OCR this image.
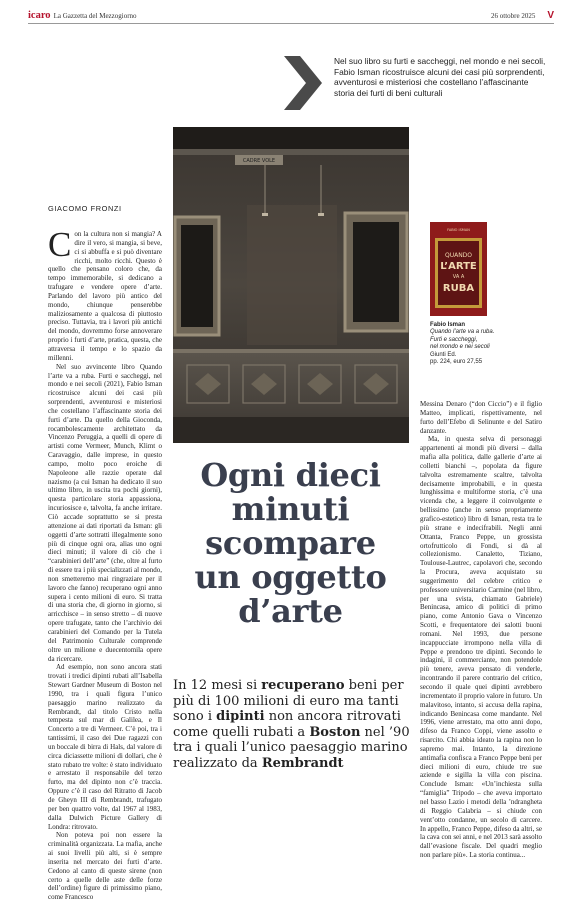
icaro La Gazzetta del Mezzogiorno	26 ottobre 2025 V
Nel suo libro su furti e saccheggi, nel mondo e nei secoli, Fabio Isman ricostruisce alcuni dei casi più sorprendenti, avventurosi e misteriosi che costellano l’affascinante storia dei furti di beni culturali
CADRE VOLE
GIACOMO FRONZI

Con la cultura non si mangia? A dire il vero, si mangia, si beve, ci si abbuffa e si può diventare ricchi, molto ricchi. Questo è quello che pensano coloro che, da tempo immemorabile, si dedicano a trafugare e vendere opere d’arte. Parlando del lavoro più antico del mondo, chiunque penserebbe maliziosamente a qualcosa di piuttosto preciso. Tuttavia, tra i lavori più antichi del mondo, dovremmo forse annoverare proprio i furti d’arte, pratica, questa, che attraversa il tempo e lo spazio da millenni.

Nel suo avvincente libro Quando l’arte va a ruba. Furti e saccheggi, nel mondo e nei secoli (2021), Fabio Isman ricostruisce alcuni dei casi più sorprendenti, avventurosi e misteriosi che costellano l’affascinante storia dei furti d’arte. Da quello della Gioconda, rocambolescamente architettato da Vincenzo Peruggia, a quelli di opere di artisti come Vermeer, Munch, Klimt o Caravaggio, dalle imprese, in questo campo, molto poco eroiche di Napoleone alle razzie operate dal nazismo (a cui Isman ha dedicato il suo ultimo libro, in uscita tra pochi giorni), questa particolare storia appassiona, incuriosisce e, talvolta, fa anche irritare. Ciò accade soprattutto se si presta attenzione ai dati riportati da Isman: gli oggetti d’arte sottratti illegalmente sono più di cinque ogni ora, alias uno ogni dieci minuti; il valore di ciò che i “carabinieri dell’arte” (che, oltre al furto di essere tra i più specializzati al mondo, non smetteremo mai ringraziare per il lavoro che fanno) recuperano ogni anno supera i cento milioni di euro. Si tratta di una storia che, di giorno in giorno, si arricchisce – in senso stretto – di nuove opere trafugate, tanto che l’archivio dei carabinieri del Comando per la Tutela del Patrimonio Culturale comprende oltre un milione e duecentomila opere da ricercare.

Ad esempio, non sono ancora stati trovati i tredici dipinti rubati all’Isabella Stewart Gardner Museum di Boston nel 1990, tra i quali figura l’unico paesaggio marino realizzato da Rembrandt, dal titolo Cristo nella tempesta sul mar di Galilea, e Il Concerto a tre di Vermeer. C’è poi, tra i tantissimi, il caso dei Due ragazzi con un boccale di birra di Hals, dal valore di circa diciassette milioni di dollari, che è stato rubato tre volte: è stato individuato e arrestato il responsabile del terzo furto, ma del dipinto non c’è traccia. Oppure c’è il caso del Ritratto di Jacob de Gheyn III di Rembrandt, trafugato per ben quattro volte, dal 1967 al 1983, dalla Dulwich Picture Gallery di Londra: ritrovato.

Non poteva poi non essere la criminalità organizzata. La mafia, anche ai suoi livelli più alti, si è sempre inserita nel mercato dei furti d’arte. Cedono al canto di queste sirene (non certo a quelle delle aste delle forze dell’ordine) figure di primissimo piano, come Francesco

FABIO ISMAN
QUANDO
L’ARTE
VA A
RUBA
Fabio Isman
Quando l’arte va a ruba.
Furti e saccheggi,
nel mondo e nei secoli
Giunti Ed.
pp. 224, euro 27,55

Messina Denaro (“don Ciccio”) e il figlio Matteo, implicati, rispettivamente, nel furto dell’Efebo di Selinunte e del Satiro danzante.

Ma, in questa selva di personaggi appartenenti ai mondi più diversi – dalla mafia alla politica, dalle gallerie d’arte ai colletti bianchi –, popolata da figure talvolta estremamente scaltre, talvolta decisamente improbabili, e in questa lunghissima e multiforme storia, c’è una vicenda che, a leggere il coinvolgente e bellissimo (anche in senso propriamente grafico-estetico) libro di Isman, resta tra le più strane e indecifrabili. Negli anni Ottanta, Franco Peppe, un grossista ortofrutticolo di Fondi, si dà al collezionismo. Canaletto, Tiziano, Toulouse-Lautrec, capolavori che, secondo la Procura, aveva acquistato su suggerimento del celebre critico e professore universitario Carmine (nel libro, per una svista, chiamato Gabriele) Benincasa, amico di politici di primo piano, come Antonio Gava o Vincenzo Scotti, e frequentatore dei salotti buoni romani. Nel 1993, due persone incappucciate irrompono nella villa di Peppe e prendono tre dipinti. Secondo le indagini, il commerciante, non potendole più tenere, aveva pensato di venderle, incontrando il parere contrario del critico, secondo il quale quei dipinti avrebbero incrementato il proprio valore in futuro. Un malavitoso, intanto, si accusa della rapina, indicando Benincasa come mandante. Nel 1996, viene arrestato, ma otto anni dopo, difeso da Franco Coppi, viene assolto e risarcito. Chi abbia ideato la rapina non lo sapremo mai. Intanto, la direzione antimafia confisca a Franco Peppe beni per dieci milioni di euro, chiude tre sue aziende e sigilla la villa con piscina. Conclude Isman: «Un’inchiesta sulla “famiglia” Tripodo – che aveva importato nel basso Lazio i metodi della ’ndrangheta di Reggio Calabria – si chiude con vent’otto condanne, un secolo di carcere. In appello, Franco Peppe, difeso da altri, se la cava con sei anni, e nel 2013 sarà assolto dall’evasione fiscale. Del quadri meglio non parlare più». La storia continua...

Ogni dieci
minuti
scompare
un oggetto
d’arte
In 12 mesi si recuperano beni per più di 100 milioni di euro ma tanti sono i dipinti non ancora ritrovati come quelli rubati a Boston nel ’90 tra i quali l’unico paesaggio marino realizzato da Rembrandt
